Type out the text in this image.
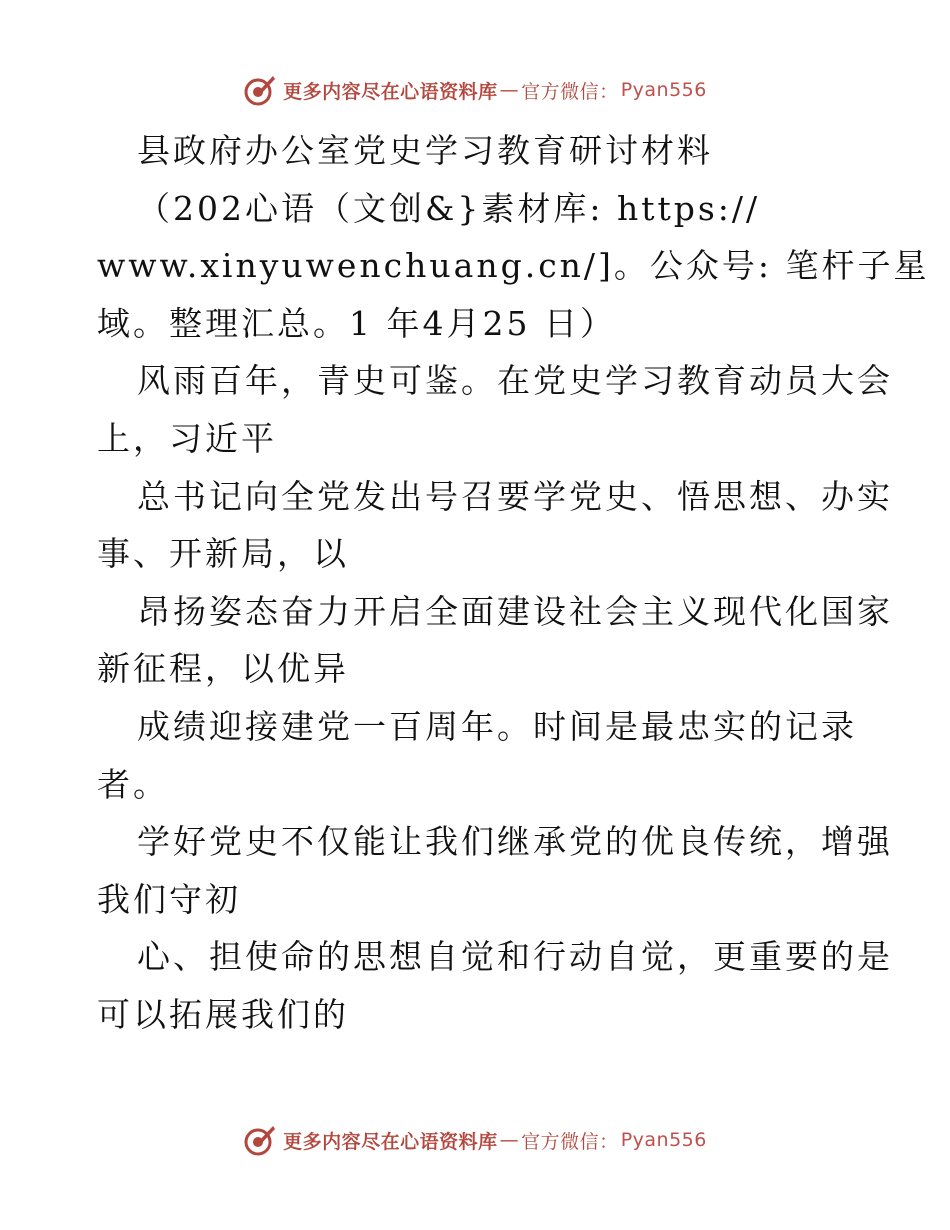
更多内容尽在心语资料库 — 官方微信： Pyan556
县政府办公室党史学习教育研讨材料
（202心语（文创&}素材库: https://
www.xinyuwenchuang.cn/]。公众号: 笔杆子星
域。整理汇总。1 年4月25 日）
风雨百年，青史可鉴。在党史学习教育动员大会
上，习近平
总书记向全党发出号召要学党史、悟思想、办实
事、开新局，以
昂扬姿态奋力开启全面建设社会主义现代化国家
新征程，以优异
成绩迎接建党一百周年。时间是最忠实的记录
者。
学好党史不仅能让我们继承党的优良传统，增强
我们守初
心、担使命的思想自觉和行动自觉，更重要的是
可以拓展我们的
更多内容尽在心语资料库 — 官方微信： Pyan556
